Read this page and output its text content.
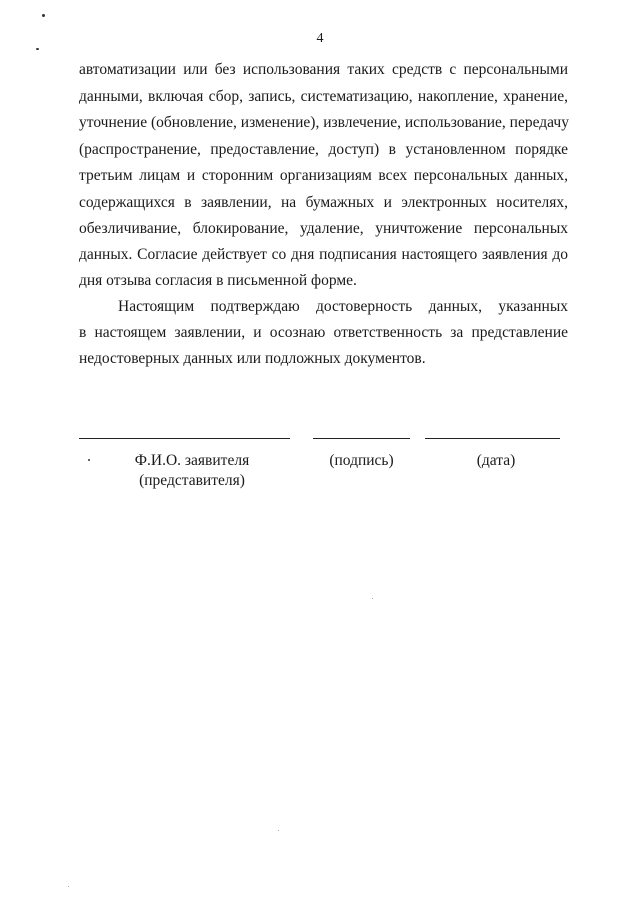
4
автоматизации или без использования таких средств с персональными
данными, включая сбор, запись, систематизацию, накопление, хранение,
уточнение (обновление, изменение), извлечение, использование, передачу
(распространение, предоставление, доступ) в установленном порядке
третьим лицам и сторонним организациям всех персональных данных,
содержащихся в заявлении, на бумажных и электронных носителях,
обезличивание, блокирование, удаление, уничтожение персональных
данных. Согласие действует со дня подписания настоящего заявления до
дня отзыва согласия в письменной форме.
Настоящим подтверждаю достоверность данных, указанных
в настоящем заявлении, и осознаю ответственность за представление
недостоверных данных или подложных документов.
Ф.И.О. заявителя
(представителя)
(подпись)	(дата)
